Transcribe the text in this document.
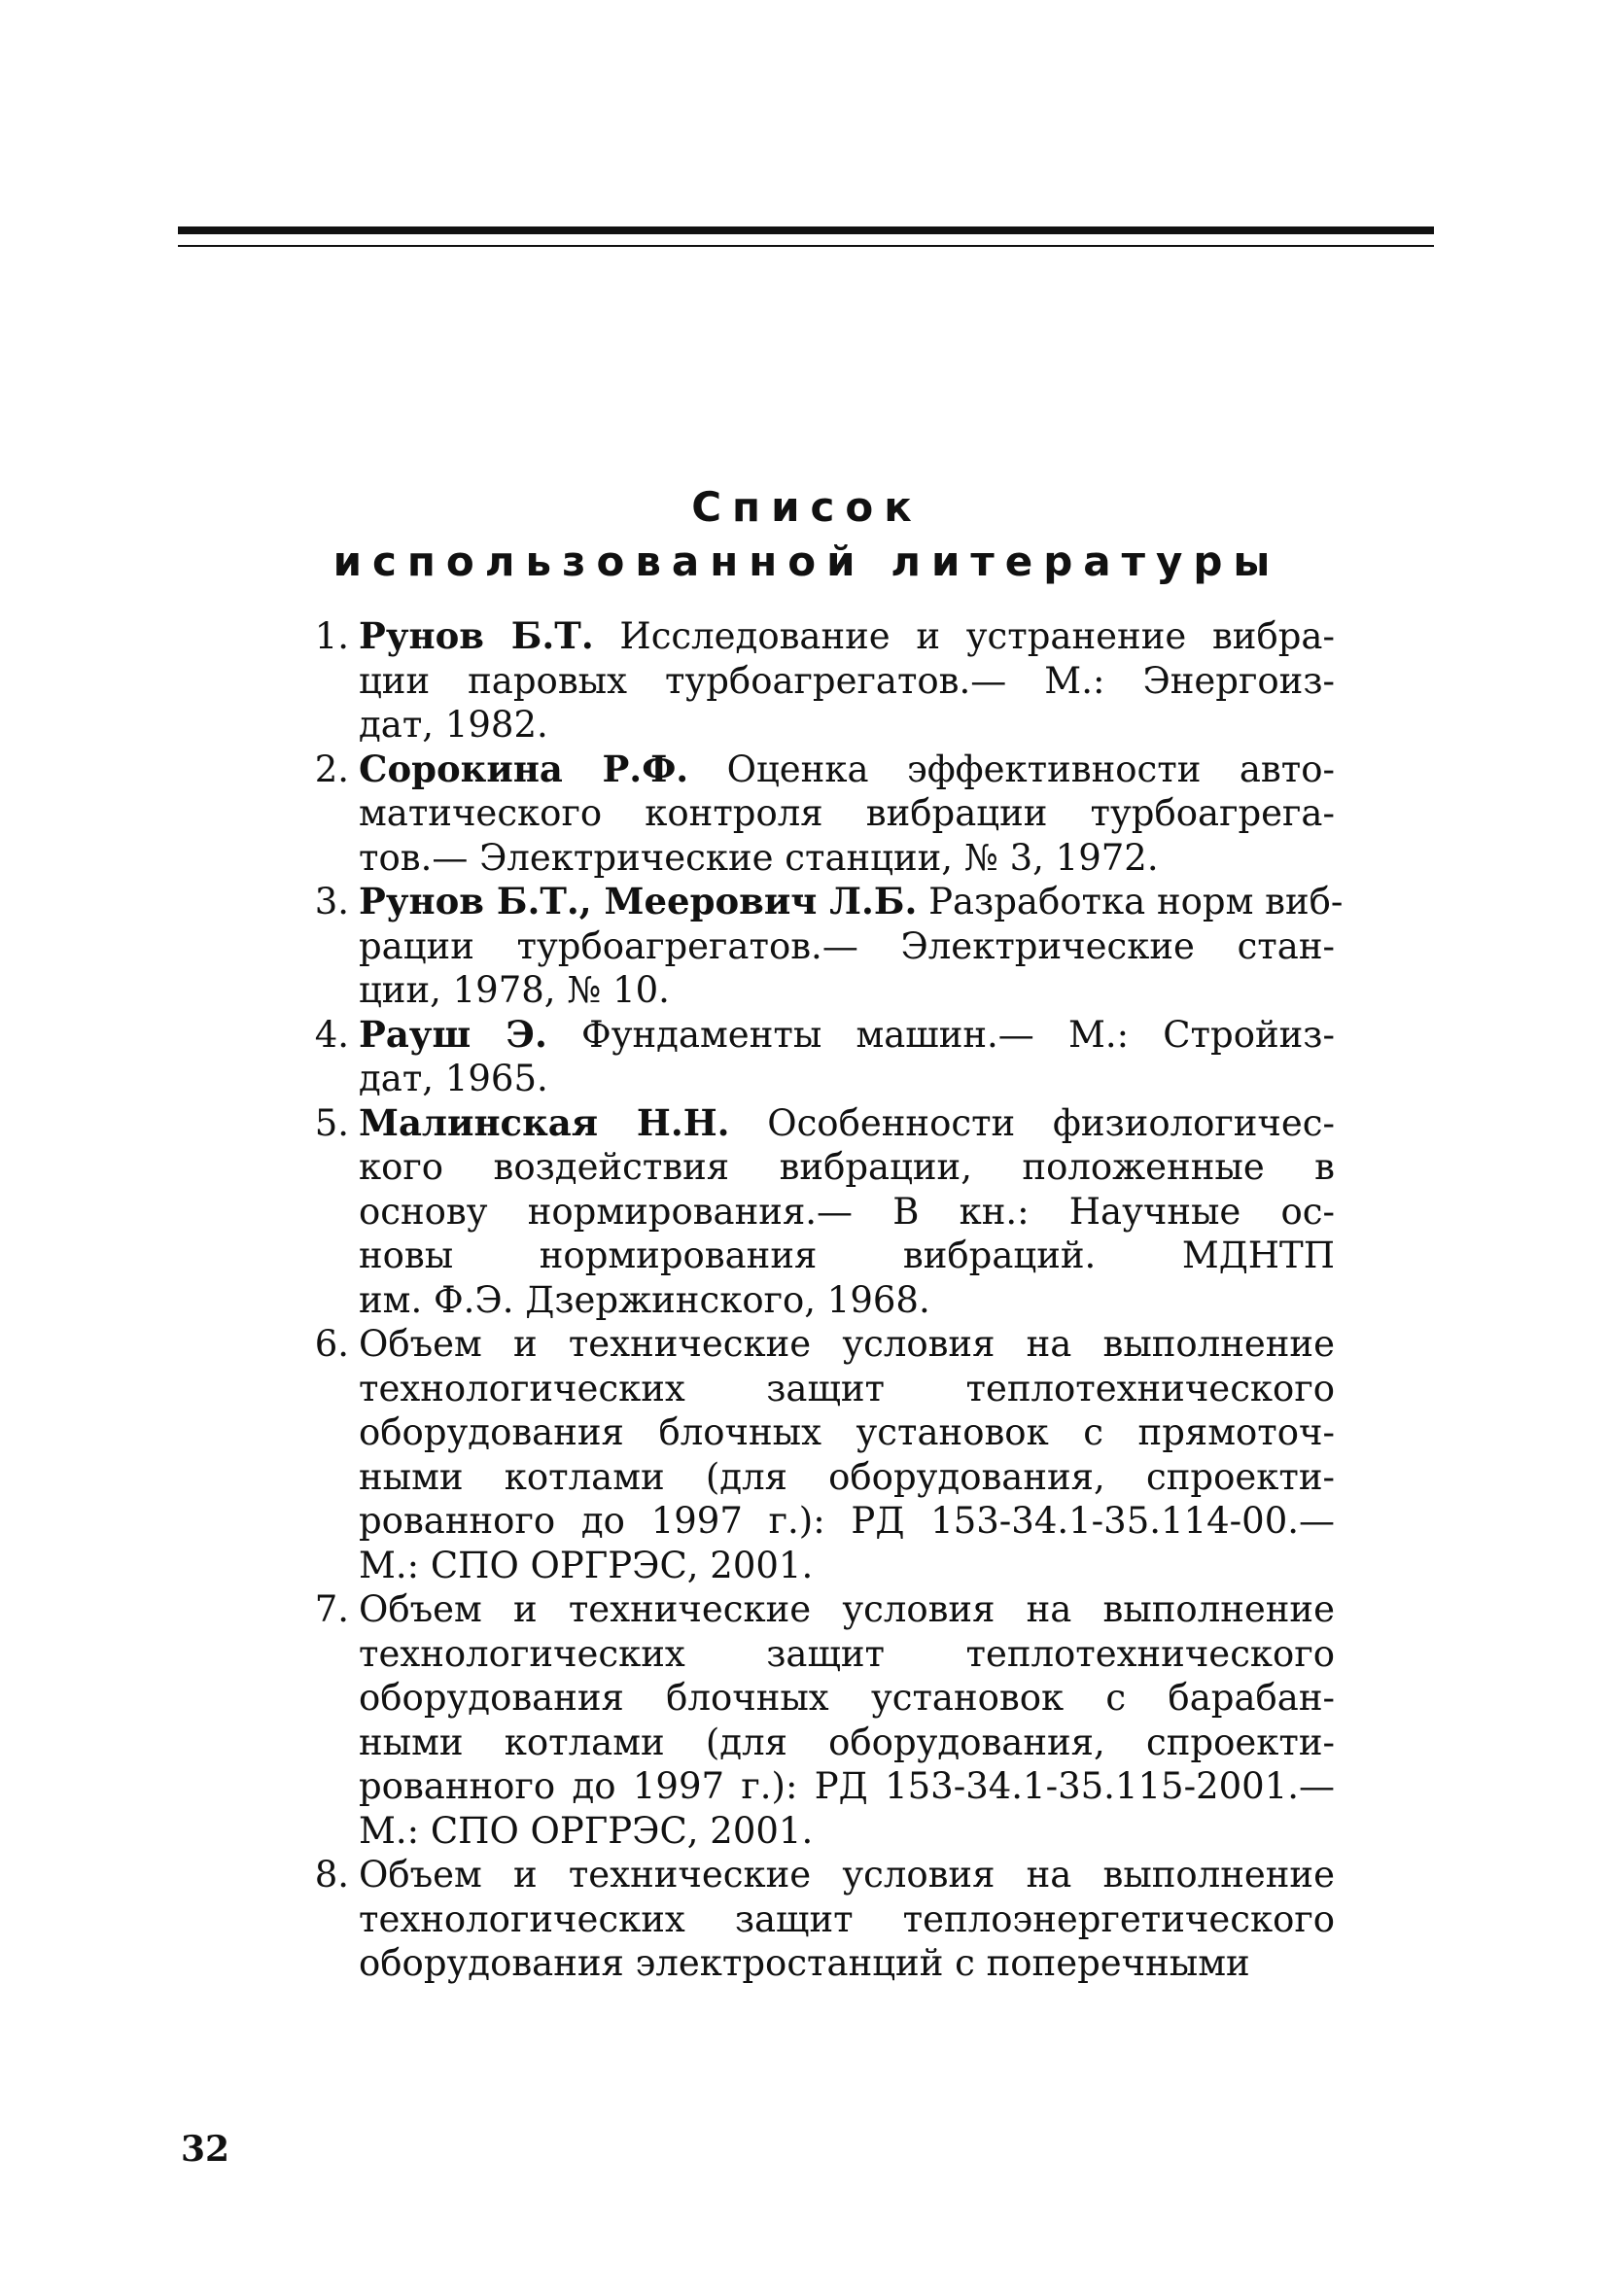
Список
использованной литературы
1. Рунов Б.Т. Исследование и устранение вибра-
ции паровых турбоагрегатов.— М.: Энергоиз-
дат, 1982.
2. Сорокина Р.Ф. Оценка эффективности авто-
матического контроля вибрации турбоагрега-
тов.— Электрические станции, № 3, 1972.
3. Рунов Б.Т., Меерович Л.Б. Разработка норм виб-
рации турбоагрегатов.— Электрические стан-
ции, 1978, № 10.
4. Рауш Э. Фундаменты машин.— М.: Стройиз-
дат, 1965.
5. Малинская Н.Н. Особенности физиологичес-
кого воздействия вибрации, положенные в
основу нормирования.— В кн.: Научные ос-
новы нормирования вибраций. МДНТП
им. Ф.Э. Дзержинского, 1968.
6. Объем и технические условия на выполнение
технологических защит теплотехнического
оборудования блочных установок с прямоточ-
ными котлами (для оборудования, спроекти-
рованного до 1997 г.): РД 153-34.1-35.114-00.—
М.: СПО ОРГРЭС, 2001.
7. Объем и технические условия на выполнение
технологических защит теплотехнического
оборудования блочных установок с барабан-
ными котлами (для оборудования, спроекти-
рованного до 1997 г.): РД 153-34.1-35.115-2001.—
М.: СПО ОРГРЭС, 2001.
8. Объем и технические условия на выполнение
технологических защит теплоэнергетического
оборудования электростанций с поперечными
32
